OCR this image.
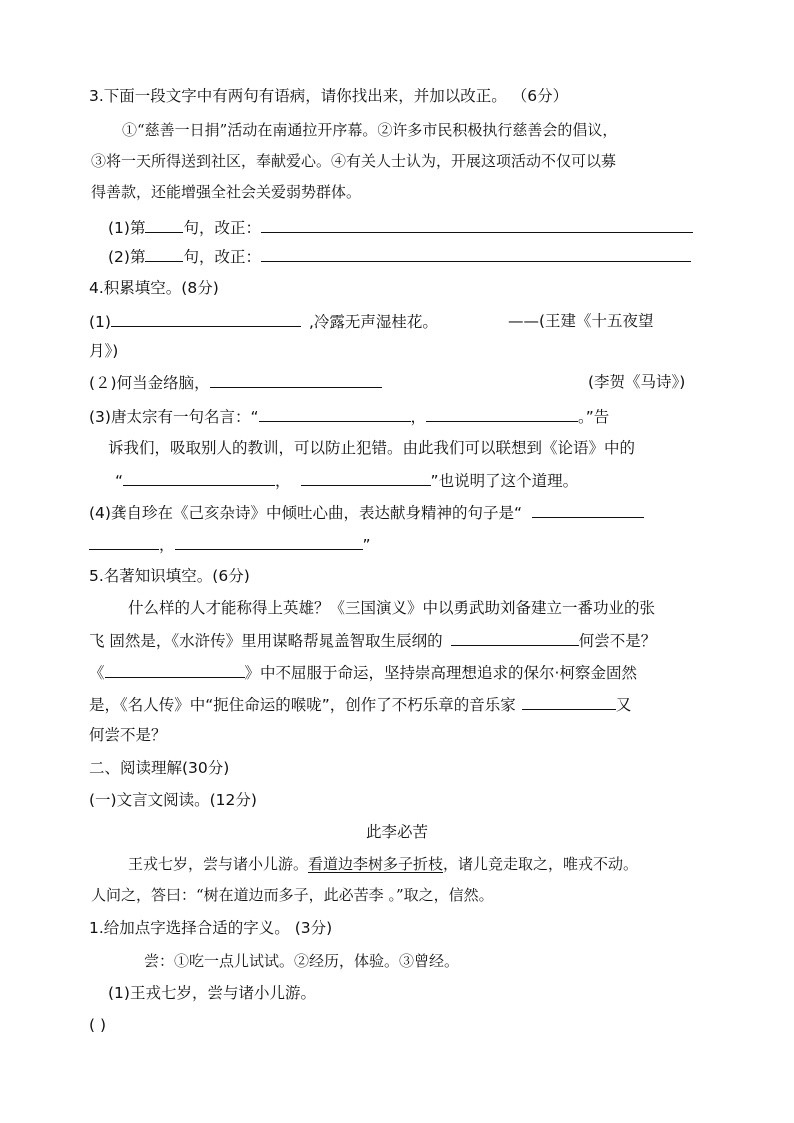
3.下面一段文字中有两句有语病，请你找出来，并加以改正。 （6分）
①“慈善一日捐”活动在南通拉开序幕。②许多市民积极执行慈善会的倡议，
③将一天所得送到社区，奉献爱心。④有关人士认为，开展这项活动不仅可以募
得善款，还能增强全社会关爱弱势群体。
(1)第 句，改正：
(2)第 句，改正：
4.积累填空。(8分)
(1)	,冷露无声湿桂花。	——(王建《十五夜望
月》)
(２)何当金络脑，	(李贺《马诗》)
(3)唐太宗有一句名言：“	，	。”告
诉我们，吸取别人的教训，可以防止犯错。由此我们可以联想到《论语》中的
“	，	”也说明了这个道理。
(4)龚自珍在《己亥杂诗》中倾吐心曲，表达献身精神的句子是“
，	”
5.名著知识填空。(6分)
什么样的人才能称得上英雄？《三国演义》中以勇武助刘备建立一番功业的张
飞 固然是，《水浒传》里用谋略帮晁盖智取生辰纲的	何尝不是？
《	》中不屈服于命运，坚持崇高理想追求的保尔·柯察金固然
是，《名人传》中“扼住命运的喉咙”，创作了不朽乐章的音乐家	又
何尝不是？
二、阅读理解(30分)
(一)文言文阅读。(12分)
此李必苦
王戎七岁，尝与诸小儿游。看道边李树多子折枝，诸儿竞走取之，唯戎不动。
人问之，答曰：“树在道边而多子，此必苦李 。”取之，信然。
1.给加点字选择合适的字义。 (3分)
尝：①吃一点儿试试。②经历，体验。③曾经。
(1)王戎七岁，尝与诸小儿游。
( )
